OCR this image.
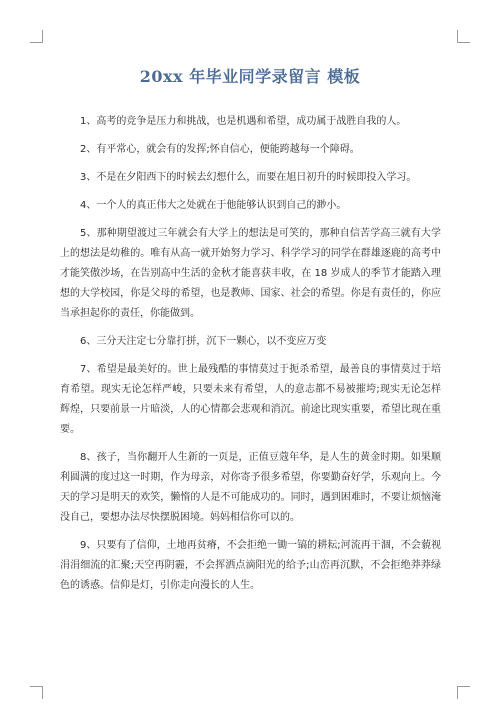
20xx 年毕业同学录留言 模板

1、高考的竞争是压力和挑战，也是机遇和希望，成功属于战胜自我的人。

2、有平常心，就会有的发挥;怀自信心，便能跨越每一个障碍。

3、不是在夕阳西下的时候去幻想什么，而要在旭日初升的时候即投入学习。

4、一个人的真正伟大之处就在于他能够认识到自己的渺小。

5、那种期望渡过三年就会有大学上的想法是可笑的，那种自信苦学高三就有大学上的想法是幼稚的。唯有从高一就开始努力学习、科学学习的同学在群雄逐鹿的高考中才能笑傲沙场，在告别高中生活的金秋才能喜获丰收，在 18 岁成人的季节才能踏入理想的大学校园，你是父母的希望，也是教师、国家、社会的希望。你是有责任的，你应当承担起你的责任，你能做到。

6、三分天注定七分靠打拼，沉下一颗心，以不变应万变

7、希望是最美好的。世上最残酷的事情莫过于扼杀希望，最善良的事情莫过于培育希望。现实无论怎样严峻，只要未来有希望，人的意志都不易被摧垮;现实无论怎样辉煌，只要前景一片暗淡，人的心情都会悲观和消沉。前途比现实重要，希望比现在重要。

8、孩子，当你翻开人生新的一页是，正值豆蔻年华，是人生的黄金时期。如果顺利圆满的度过这一时期，作为母亲，对你寄予很多希望，你要勤奋好学，乐观向上。今天的学习是明天的欢笑，懒惰的人是不可能成功的。同时，遇到困难时，不要让烦恼淹没自己，要想办法尽快摆脱困境。妈妈相信你可以的。

9、只要有了信仰，土地再贫瘠，不会拒绝一锄一镐的耕耘;河流再干涸，不会藐视涓涓细流的汇聚;天空再阴霾，不会挥洒点滴阳光的给予;山峦再沉默，不会拒绝莽莽绿色的诱惑。信仰是灯，引你走向漫长的人生。
